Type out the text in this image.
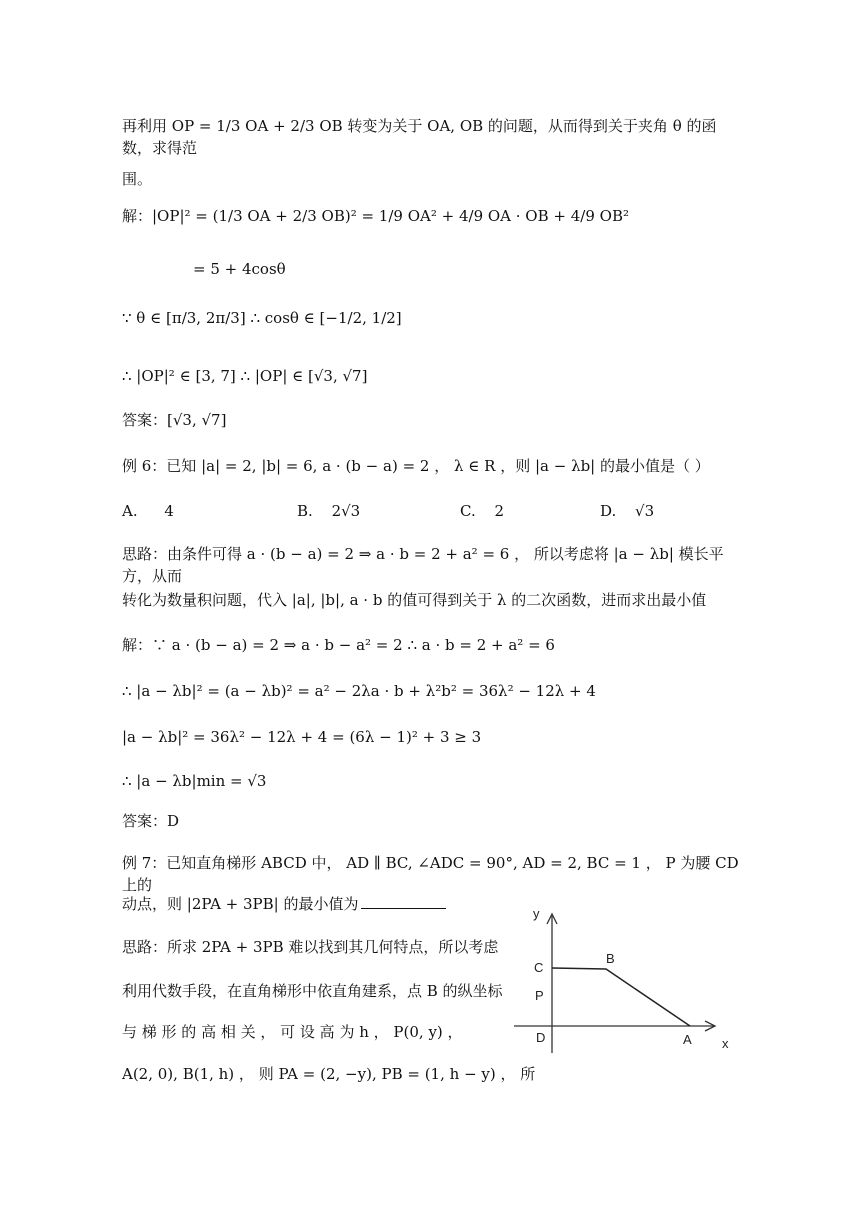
再利用 OP = 1/3 OA + 2/3 OB 转变为关于 OA, OB 的问题，从而得到关于夹角 θ 的函数，求得范
围。
解：|OP|² = (1/3 OA + 2/3 OB)² = 1/9 OA² + 4/9 OA · OB + 4/9 OB²
= 5 + 4cosθ
∵ θ ∈ [π/3, 2π/3] ∴ cosθ ∈ [−1/2, 1/2]
∴ |OP|² ∈ [3, 7] ∴ |OP| ∈ [√3, √7]
答案：[√3, √7]
例 6：已知 |a| = 2, |b| = 6, a · (b − a) = 2 ， λ ∈ R ，则 |a − λb| 的最小值是（ ）
A. 4	B. 2√3	C. 2	D. √3
思路：由条件可得 a · (b − a) = 2 ⇒ a · b = 2 + a² = 6 ， 所以考虑将 |a − λb| 模长平方，从而
转化为数量积问题，代入 |a|, |b|, a · b 的值可得到关于 λ 的二次函数，进而求出最小值
解：∵ a · (b − a) = 2 ⇒ a · b − a² = 2 ∴ a · b = 2 + a² = 6
∴ |a − λb|² = (a − λb)² = a² − 2λa · b + λ²b² = 36λ² − 12λ + 4
|a − λb|² = 36λ² − 12λ + 4 = (6λ − 1)² + 3 ≥ 3
∴ |a − λb|min = √3
答案：D
例 7：已知直角梯形 ABCD 中， AD ∥ BC, ∠ADC = 90°, AD = 2, BC = 1 ， P 为腰 CD 上的
动点，则 |2PA + 3PB| 的最小值为
思路：所求 2PA + 3PB 难以找到其几何特点，所以考虑
利用代数手段，在直角梯形中依直角建系，点 B 的纵坐标
与 梯 形 的 高 相 关 ， 可 设 高 为 h ， P(0, y) ，
A(2, 0), B(1, h) ， 则 PA = (2, −y), PB = (1, h − y) ， 所
y
x
C
B
P
D	A
